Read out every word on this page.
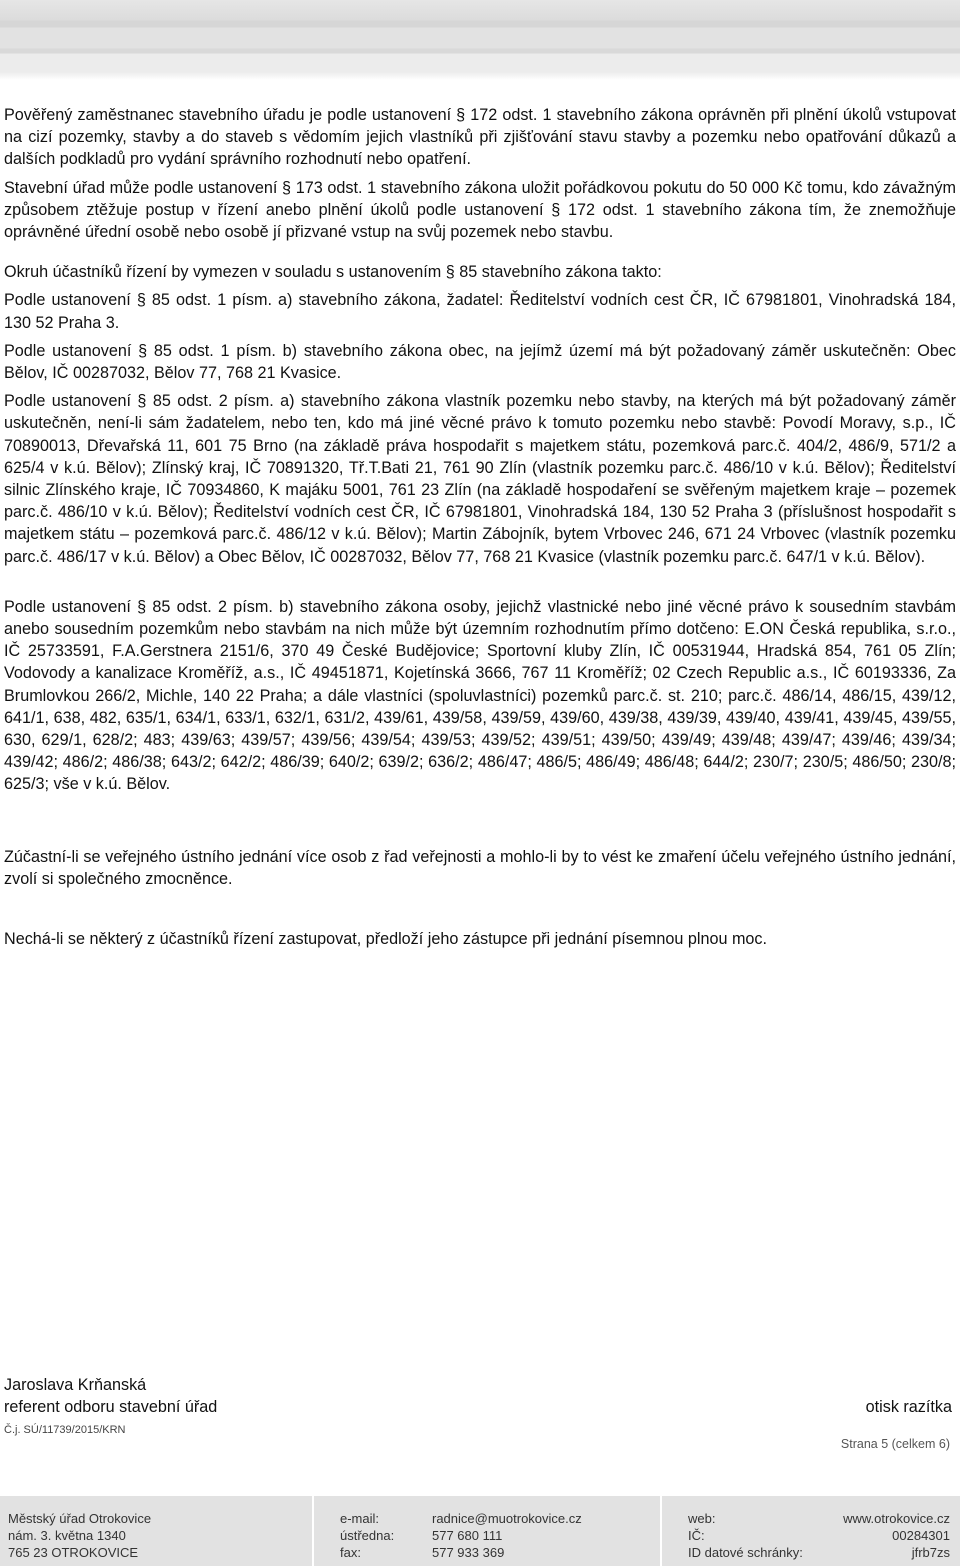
Pověřený zaměstnanec stavebního úřadu je podle ustanovení § 172 odst. 1 stavebního zákona oprávněn při plnění úkolů vstupovat na cizí pozemky, stavby a do staveb s vědomím jejich vlastníků při zjišťování stavu stavby a pozemku nebo opatřování důkazů a dalších podkladů pro vydání správního rozhodnutí nebo opatření.

Stavební úřad může podle ustanovení § 173 odst. 1 stavebního zákona uložit pořádkovou pokutu do 50 000 Kč tomu, kdo závažným způsobem ztěžuje postup v řízení anebo plnění úkolů podle ustanovení § 172 odst. 1 stavebního zákona tím, že znemožňuje oprávněné úřední osobě nebo osobě jí přizvané vstup na svůj pozemek nebo stavbu.

Okruh účastníků řízení by vymezen v souladu s ustanovením § 85 stavebního zákona takto:

Podle ustanovení § 85 odst. 1 písm. a) stavebního zákona, žadatel: Ředitelství vodních cest ČR, IČ 67981801, Vinohradská 184, 130 52 Praha 3.

Podle ustanovení § 85 odst. 1 písm. b) stavebního zákona obec, na jejímž území má být požadovaný záměr uskutečněn: Obec Bělov, IČ 00287032, Bělov 77, 768 21 Kvasice.

Podle ustanovení § 85 odst. 2 písm. a) stavebního zákona vlastník pozemku nebo stavby, na kterých má být požadovaný záměr uskutečněn, není-li sám žadatelem, nebo ten, kdo má jiné věcné právo k tomuto pozemku nebo stavbě: Povodí Moravy, s.p., IČ 70890013, Dřevařská 11, 601 75 Brno (na základě práva hospodařit s majetkem státu, pozemková parc.č. 404/2, 486/9, 571/2 a 625/4 v k.ú. Bělov); Zlínský kraj, IČ 70891320, Tř.T.Bati 21, 761 90 Zlín (vlastník pozemku parc.č. 486/10 v k.ú. Bělov); Ředitelství silnic Zlínského kraje, IČ 70934860, K majáku 5001, 761 23 Zlín (na základě hospodaření se svěřeným majetkem kraje – pozemek parc.č. 486/10 v k.ú. Bělov); Ředitelství vodních cest ČR, IČ 67981801, Vinohradská 184, 130 52 Praha 3 (příslušnost hospodařit s majetkem státu – pozemková parc.č. 486/12 v k.ú. Bělov); Martin Zábojník, bytem Vrbovec 246, 671 24 Vrbovec (vlastník pozemku parc.č. 486/17 v k.ú. Bělov) a Obec Bělov, IČ 00287032, Bělov 77, 768 21 Kvasice (vlastník pozemku parc.č. 647/1 v k.ú. Bělov).

Podle ustanovení § 85 odst. 2 písm. b) stavebního zákona osoby, jejichž vlastnické nebo jiné věcné právo k sousedním stavbám anebo sousedním pozemkům nebo stavbám na nich může být územním rozhodnutím přímo dotčeno: E.ON Česká republika, s.r.o., IČ 25733591, F.A.Gerstnera 2151/6, 370 49 České Budějovice; Sportovní kluby Zlín, IČ 00531944, Hradská 854, 761 05 Zlín; Vodovody a kanalizace Kroměříž, a.s., IČ 49451871, Kojetínská 3666, 767 11 Kroměříž; 02 Czech Republic a.s., IČ 60193336, Za Brumlovkou 266/2, Michle, 140 22 Praha; a dále vlastníci (spoluvlastníci) pozemků parc.č. st. 210; parc.č. 486/14, 486/15, 439/12, 641/1, 638, 482, 635/1, 634/1, 633/1, 632/1, 631/2, 439/61, 439/58, 439/59, 439/60, 439/38, 439/39, 439/40, 439/41, 439/45, 439/55, 630, 629/1, 628/2; 483; 439/63; 439/57; 439/56; 439/54; 439/53; 439/52; 439/51; 439/50; 439/49; 439/48; 439/47; 439/46; 439/34; 439/42; 486/2; 486/38; 643/2; 642/2; 486/39; 640/2; 639/2; 636/2; 486/47; 486/5; 486/49; 486/48; 644/2; 230/7; 230/5; 486/50; 230/8; 625/3; vše v k.ú. Bělov.

Zúčastní-li se veřejného ústního jednání více osob z řad veřejnosti a mohlo-li by to vést ke zmaření účelu veřejného ústního jednání, zvolí si společného zmocněnce.

Nechá-li se některý z účastníků řízení zastupovat, předloží jeho zástupce při jednání písemnou plnou moc.

Jaroslava Krňanská
referent odboru stavební úřad	otisk razítka
Č.j. SÚ/11739/2015/KRN
Strana 5 (celkem 6)
Městský úřad Otrokovice
nám. 3. května 1340
765 23 OTROKOVICE
e-mail:
ústředna:
fax:
radnice@muotrokovice.cz
577 680 111
577 933 369
web:
IČ:
ID datové schránky:
www.otrokovice.cz
00284301
jfrb7zs
